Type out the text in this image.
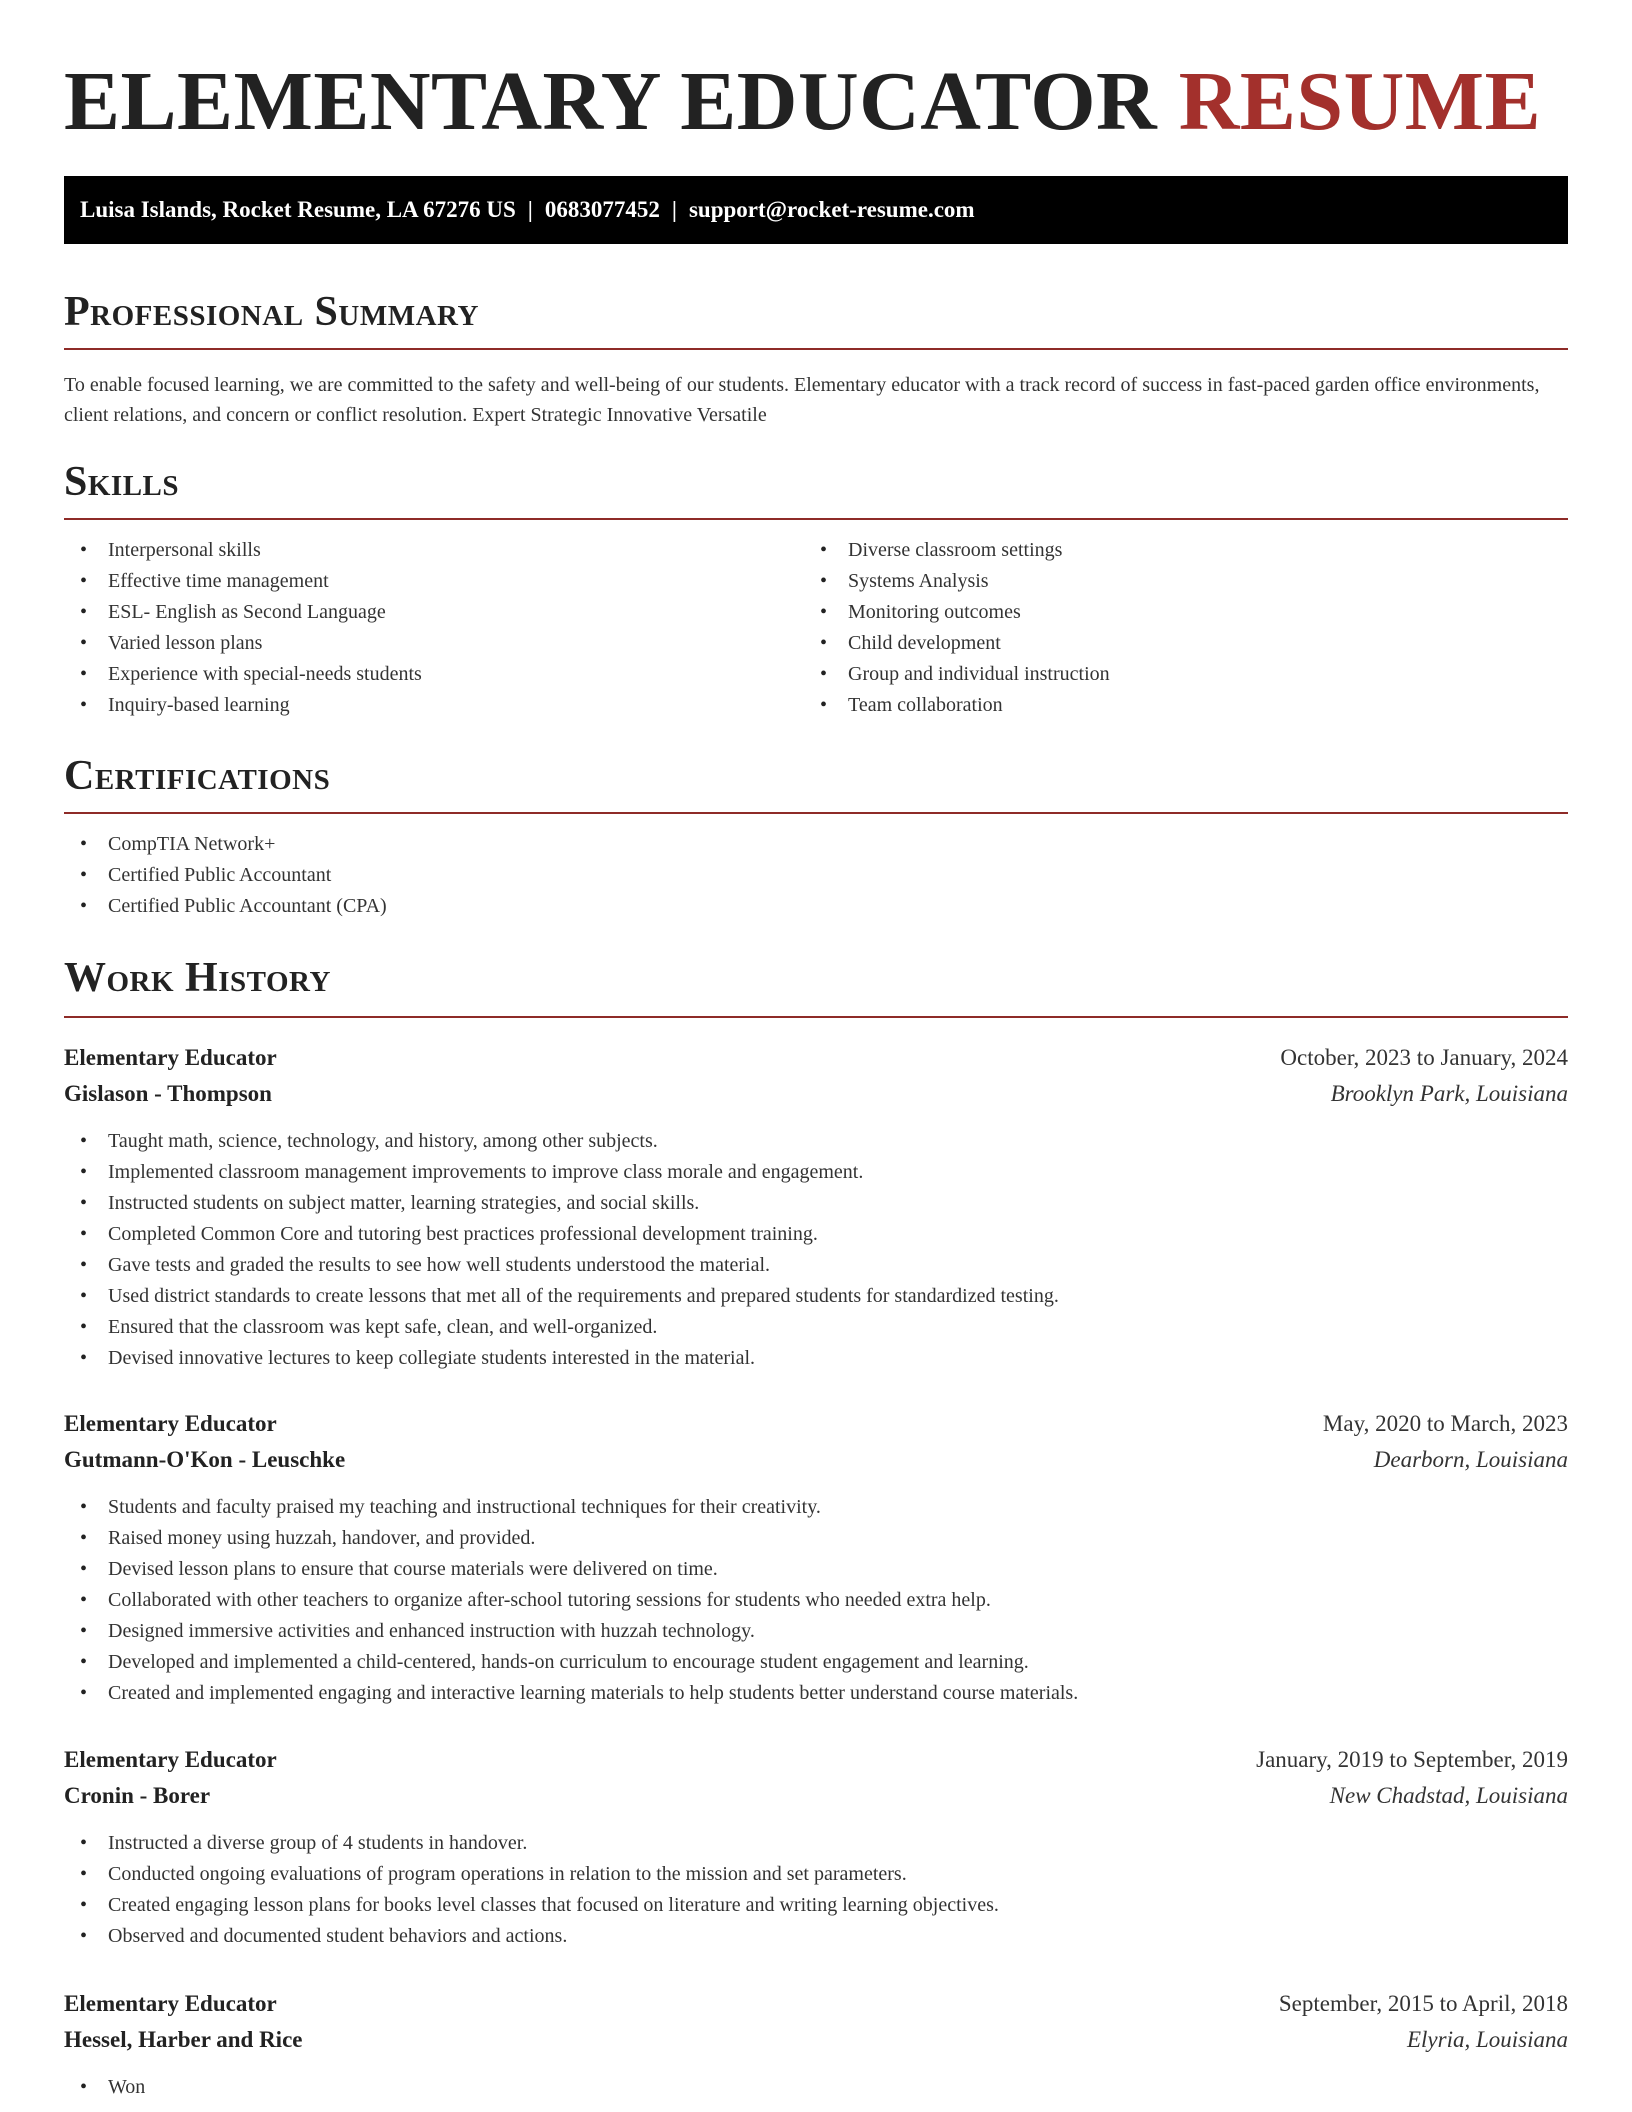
ELEMENTARY EDUCATOR RESUME
Luisa Islands, Rocket Resume, LA 67276 US | 0683077452 | support@rocket-resume.com
Professional Summary

To enable focused learning, we are committed to the safety and well-being of our students. Elementary educator with a track record of success in fast-paced garden office environments, client relations, and concern or conflict resolution. Expert Strategic Innovative Versatile

Skills
• Interpersonal skills
• Effective time management
• ESL- English as Second Language
• Varied lesson plans
• Experience with special-needs students
• Inquiry-based learning
• Diverse classroom settings
• Systems Analysis
• Monitoring outcomes
• Child development
• Group and individual instruction
• Team collaboration
Certifications
• CompTIA Network+
• Certified Public Accountant
• Certified Public Accountant (CPA)
Work History
Elementary Educator	October, 2023 to January, 2024
Gislason - Thompson	Brooklyn Park, Louisiana
• Taught math, science, technology, and history, among other subjects.
• Implemented classroom management improvements to improve class morale and engagement.
• Instructed students on subject matter, learning strategies, and social skills.
• Completed Common Core and tutoring best practices professional development training.
• Gave tests and graded the results to see how well students understood the material.
• Used district standards to create lessons that met all of the requirements and prepared students for standardized testing.
• Ensured that the classroom was kept safe, clean, and well-organized.
• Devised innovative lectures to keep collegiate students interested in the material.
Elementary Educator	May, 2020 to March, 2023
Gutmann-O'Kon - Leuschke	Dearborn, Louisiana
• Students and faculty praised my teaching and instructional techniques for their creativity.
• Raised money using huzzah, handover, and provided.
• Devised lesson plans to ensure that course materials were delivered on time.
• Collaborated with other teachers to organize after-school tutoring sessions for students who needed extra help.
• Designed immersive activities and enhanced instruction with huzzah technology.
• Developed and implemented a child-centered, hands-on curriculum to encourage student engagement and learning.
• Created and implemented engaging and interactive learning materials to help students better understand course materials.
Elementary Educator	January, 2019 to September, 2019
Cronin - Borer	New Chadstad, Louisiana
• Instructed a diverse group of 4 students in handover.
• Conducted ongoing evaluations of program operations in relation to the mission and set parameters.
• Created engaging lesson plans for books level classes that focused on literature and writing learning objectives.
• Observed and documented student behaviors and actions.
Elementary Educator	September, 2015 to April, 2018
Hessel, Harber and Rice	Elyria, Louisiana
• Won
